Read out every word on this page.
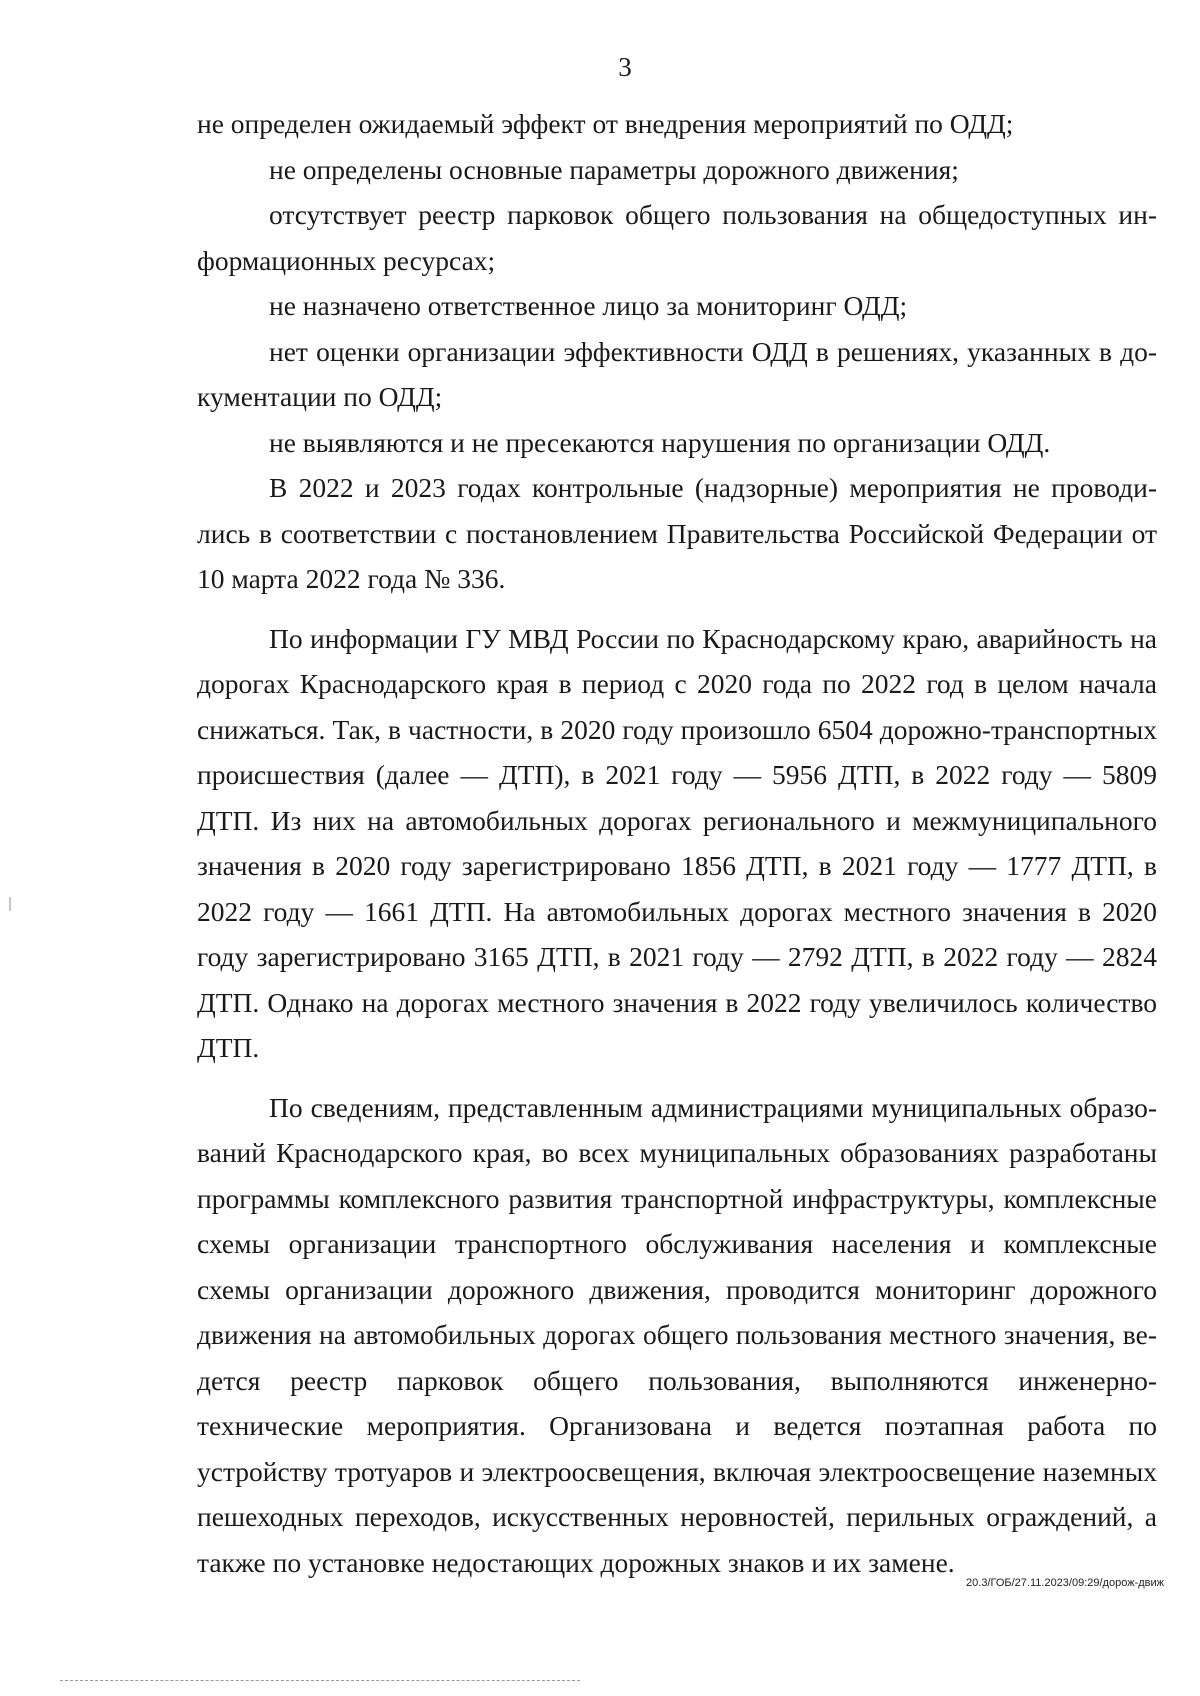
3

не определен ожидаемый эффект от внедрения мероприятий по ОДД;

не определены основные параметры дорожного движения;

отсутствует реестр парковок общего пользования на общедоступных информационных ресурсах;

не назначено ответственное лицо за мониторинг ОДД;

нет оценки организации эффективности ОДД в решениях, указанных в документации по ОДД;

не выявляются и не пресекаются нарушения по организации ОДД.

В 2022 и 2023 годах контрольные (надзорные) мероприятия не проводились в соответствии с постановлением Правительства Российской Федерации от 10 марта 2022 года № 336.

По информации ГУ МВД России по Краснодарскому краю, аварийность на дорогах Краснодарского края в период с 2020 года по 2022 год в целом начала снижаться. Так, в частности, в 2020 году произошло 6504 дорожно-транспортных происшествия (далее — ДТП), в 2021 году — 5956 ДТП, в 2022 году — 5809 ДТП. Из них на автомобильных дорогах регионального и межмуниципального значения в 2020 году зарегистрировано 1856 ДТП, в 2021 году — 1777 ДТП, в 2022 году — 1661 ДТП. На автомобильных дорогах местного значения в 2020 году зарегистрировано 3165 ДТП, в 2021 году — 2792 ДТП, в 2022 году — 2824 ДТП. Однако на дорогах местного значения в 2022 году увеличилось количество ДТП.

По сведениям, представленным администрациями муниципальных образований Краснодарского края, во всех муниципальных образованиях разработаны программы комплексного развития транспортной инфраструктуры, комплексные схемы организации транспортного обслуживания населения и комплексные схемы организации дорожного движения, проводится мониторинг дорожного движения на автомобильных дорогах общего пользования местного значения, ведется реестр парковок общего пользования, выполняются инженерно-технические мероприятия. Организована и ведется поэтапная работа по устройству тротуаров и электроосвещения, включая электроосвещение наземных пешеходных переходов, искусственных неровностей, перильных ограждений, а также по установке недостающих дорожных знаков и их замене.

20.3/ГОБ/27.11.2023/09:29/дорож-движ
